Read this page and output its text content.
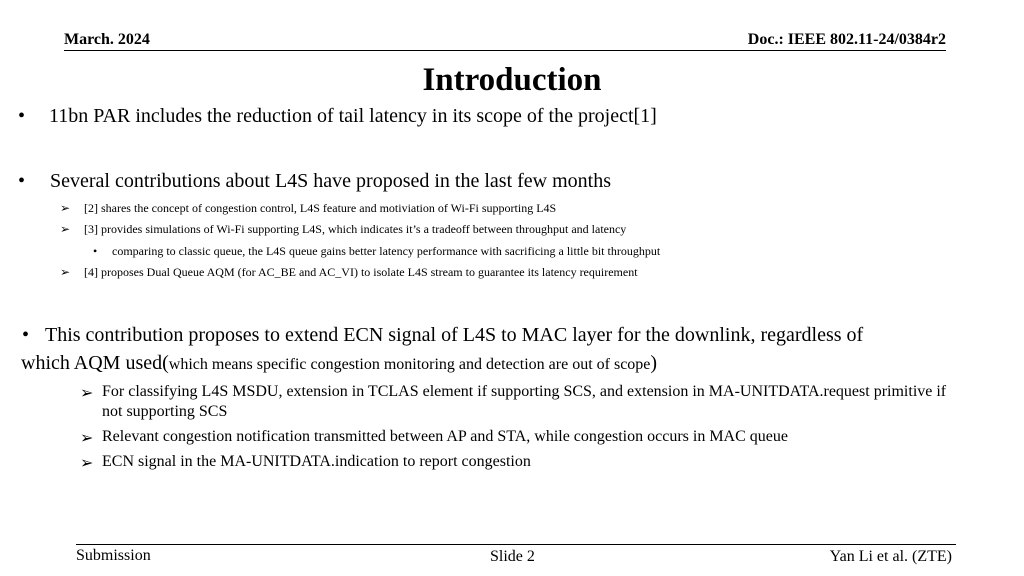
March. 2024	Doc.: IEEE 802.11-24/0384r2
Introduction
• 11bn PAR includes the reduction of tail latency in its scope of the project[1]
• Several contributions about L4S have proposed in the last few months
➢ [2] shares the concept of congestion control, L4S feature and motiviation of Wi-Fi supporting L4S
➢ [3] provides simulations of Wi-Fi supporting L4S, which indicates it’s a tradeoff between throughput and latency
• comparing to classic queue, the L4S queue gains better latency performance with sacrificing a little bit throughput
➢ [4] proposes Dual Queue AQM (for AC_BE and AC_VI) to isolate L4S stream to guarantee its latency requirement
• This contribution proposes to extend ECN signal of L4S to MAC layer for the downlink, regardless of
which AQM used(which means specific congestion monitoring and detection are out of scope)
➢ For classifying L4S MSDU, extension in TCLAS element if supporting SCS, and extension in MA-UNITDATA.request primitive if
not supporting SCS
➢ Relevant congestion notification transmitted between AP and STA, while congestion occurs in MAC queue
➢ ECN signal in the MA-UNITDATA.indication to report congestion
Submission	Slide 2	Yan Li et al. (ZTE)
